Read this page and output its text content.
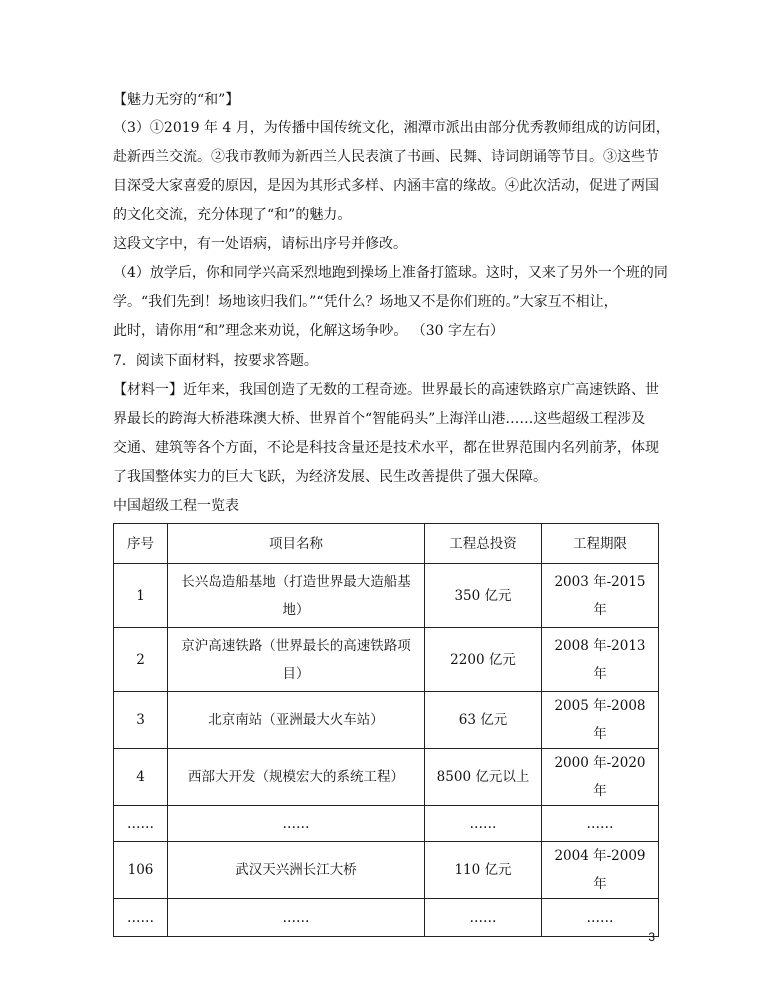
【魅力无穷的“和”】
（3）①2019 年 4 月，为传播中国传统文化，湘潭市派出由部分优秀教师组成的访问团，
赴新西兰交流。②我市教师为新西兰人民表演了书画、民舞、诗词朗诵等节目。③这些节
目深受大家喜爱的原因，是因为其形式多样、内涵丰富的缘故。④此次活动，促进了两国
的文化交流，充分体现了“和”的魅力。
这段文字中，有一处语病，请标出序号并修改。
（4）放学后，你和同学兴高采烈地跑到操场上准备打篮球。这时，又来了另外一个班的同
学。“我们先到！场地该归我们。”“凭什么？场地又不是你们班的。”大家互不相让，
此时，请你用“和”理念来劝说，化解这场争吵。 （30 字左右）
7．阅读下面材料，按要求答题。
【材料一】近年来，我国创造了无数的工程奇迹。世界最长的高速铁路京广高速铁路、世
界最长的跨海大桥港珠澳大桥、世界首个“智能码头”上海洋山港……这些超级工程涉及
交通、建筑等各个方面，不论是科技含量还是技术水平，都在世界范围内名列前茅，体现
了我国整体实力的巨大飞跃，为经济发展、民生改善提供了强大保障。
中国超级工程一览表
序号	项目名称	工程总投资	工程期限
1	长兴岛造船基地（打造世界最大造船基
地）	350 亿元	2003 年-2015 年
2	京沪高速铁路（世界最长的高速铁路项
目）	2200 亿元	2008 年-2013 年
3	北京南站（亚洲最大火车站）	63 亿元	2005 年-2008 年
4	西部大开发（规模宏大的系统工程）	8500 亿元以上	2000 年-2020 年
……	……	……	……
106	武汉天兴洲长江大桥	110 亿元	2004 年-2009 年
……	……	……	……
3
